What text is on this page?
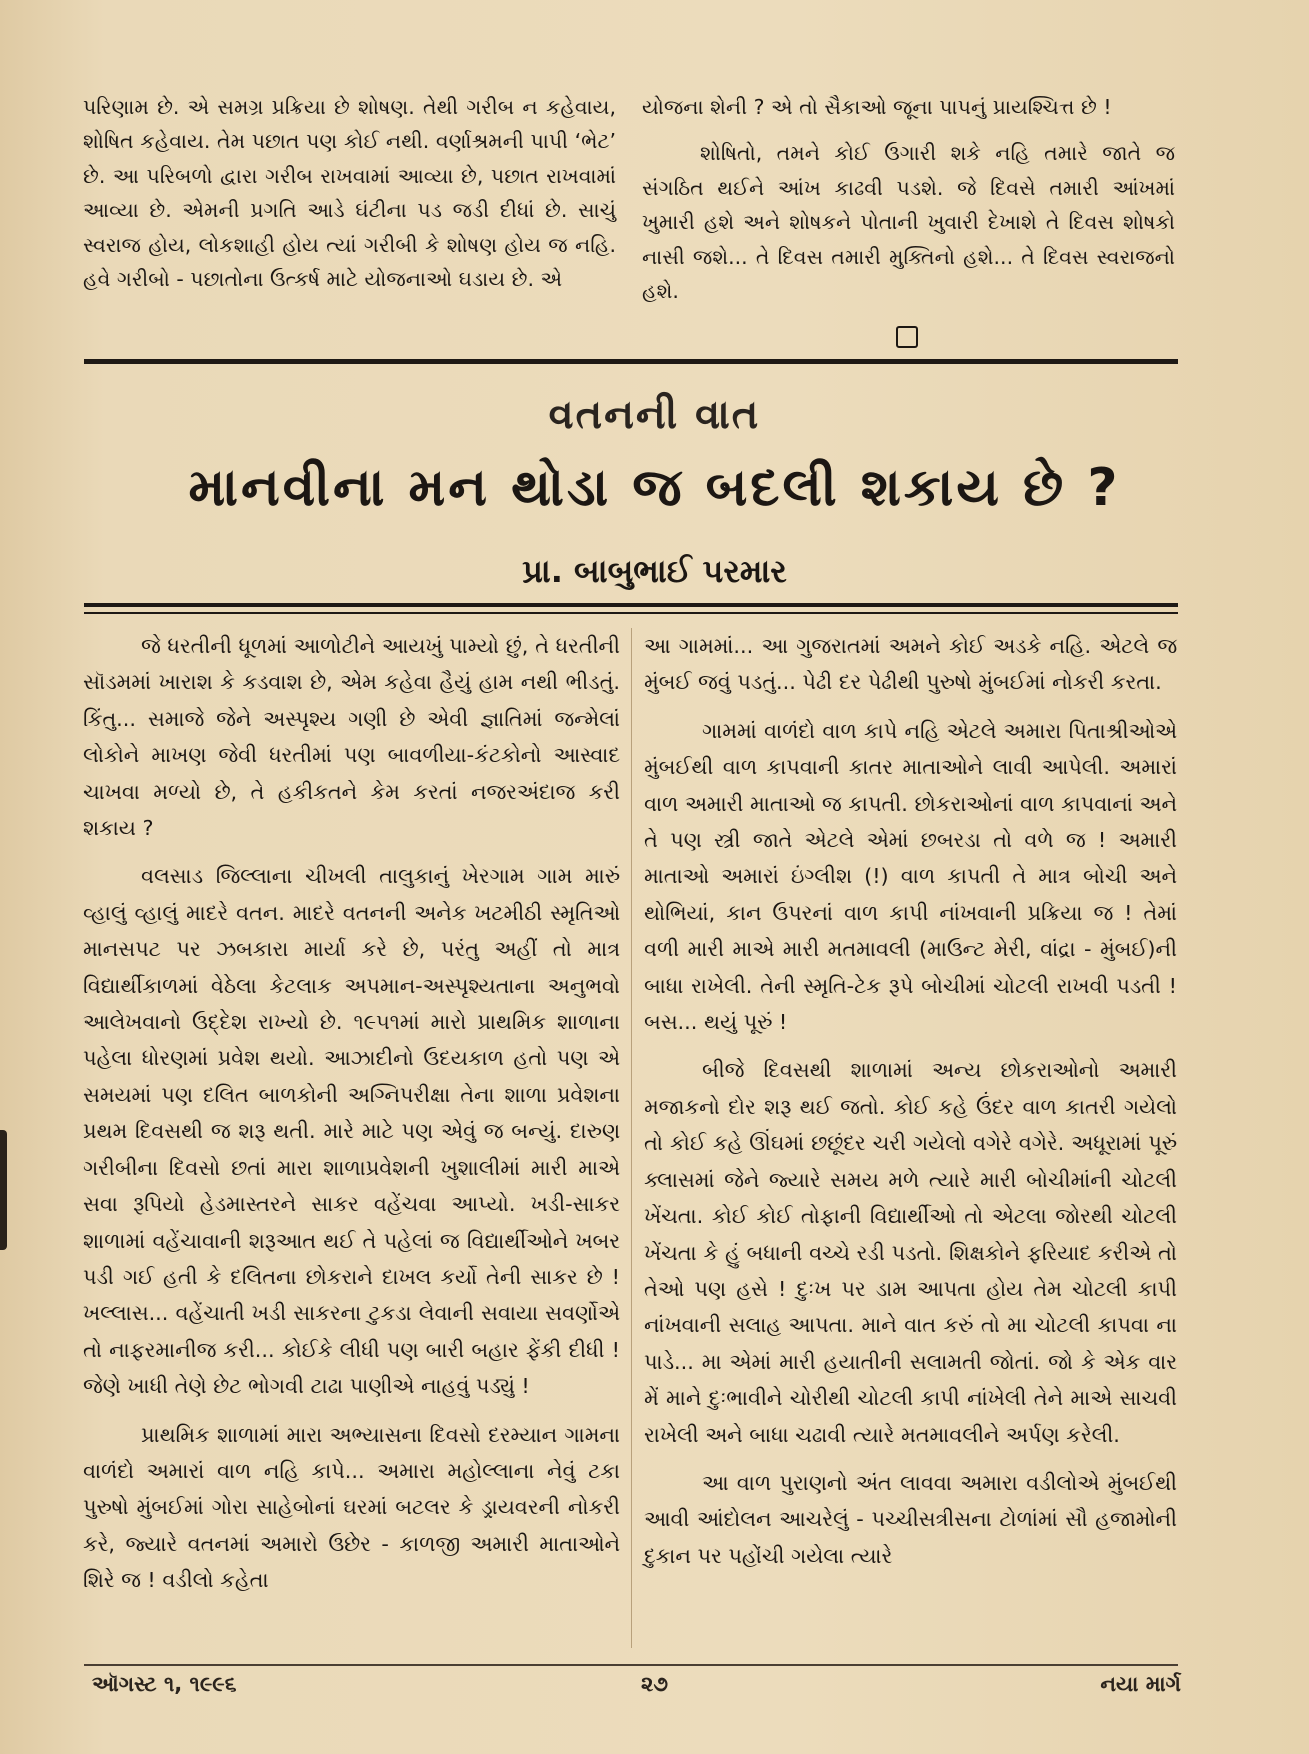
પરિણામ છે. એ સમગ્ર પ્રક્રિયા છે શોષણ. તેથી ગરીબ ન કહેવાય, શોષિત કહેવાય. તેમ પછાત પણ કોઈ નથી. વર્ણાશ્રમની પાપી ‘ભેટ’ છે. આ પરિબળો દ્વારા ગરીબ રાખવામાં આવ્યા છે, પછાત રાખવામાં આવ્યા છે. એમની પ્રગતિ આડે ઘંટીના પડ જડી દીધાં છે. સાચું સ્વરાજ હોય, લોકશાહી હોય ત્યાં ગરીબી કે શોષણ હોય જ નહિ. હવે ગરીબો - પછાતોના ઉત્કર્ષ માટે યોજનાઓ ઘડાય છે. એ

યોજના શેની ? એ તો સૈકાઓ જૂના પાપનું પ્રાયશ્ચિત્ત છે !

શોષિતો, તમને કોઈ ઉગારી શકે નહિ તમારે જાતે જ સંગઠિત થઈને આંખ કાઢવી પડશે. જે દિવસે તમારી આંખમાં ખુમારી હશે અને શોષકને પોતાની ખુવારી દેખાશે તે દિવસ શોષકો નાસી જશે... તે દિવસ તમારી મુક્તિનો હશે... તે દિવસ સ્વરાજનો હશે.

વતનની વાત
માનવીના મન થોડા જ બદલી શકાય છે ?
પ્રા. બાબુભાઈ પરમાર

જે ધરતીની ધૂળમાં આળોટીને આયખું પામ્યો છું, તે ધરતીની સૉડમમાં ખારાશ કે કડવાશ છે, એમ કહેવા હૈયું હામ નથી ભીડતું. કિંતુ... સમાજે જેને અસ્પૃશ્ય ગણી છે એવી જ્ઞાતિમાં જન્મેલાં લોકોને માખણ જેવી ધરતીમાં પણ બાવળીયા-કંટકોનો આસ્વાદ ચાખવા મળ્યો છે, તે હકીકતને કેમ કરતાં નજરઅંદાજ કરી શકાય ?

વલસાડ જિલ્લાના ચીખલી તાલુકાનું ખેરગામ ગામ મારું વ્હાલું વ્હાલું માદરે વતન. માદરે વતનની અનેક ખટમીઠી સ્મૃતિઓ માનસપટ પર ઝબકારા માર્યા કરે છે, પરંતુ અહીં તો માત્ર વિદ્યાર્થીકાળમાં વેઠેલા કેટલાક અપમાન-અસ્પૃશ્યતાના અનુભવો આલેખવાનો ઉદ્દેશ રાખ્યો છે. ૧૯૫૧માં મારો પ્રાથમિક શાળાના પહેલા ધોરણમાં પ્રવેશ થયો. આઝાદીનો ઉદયકાળ હતો પણ એ સમયમાં પણ દલિત બાળકોની અગ્નિપરીક્ષા તેના શાળા પ્રવેશના પ્રથમ દિવસથી જ શરૂ થતી. મારે માટે પણ એવું જ બન્યું. દારુણ ગરીબીના દિવસો છતાં મારા શાળાપ્રવેશની ખુશાલીમાં મારી માએ સવા રૂપિયો હેડમાસ્તરને સાકર વહેંચવા આપ્યો. ખડી-સાકર શાળામાં વહેંચાવાની શરૂઆત થઈ તે પહેલાં જ વિદ્યાર્થીઓને ખબર પડી ગઈ હતી કે દલિતના છોકરાને દાખલ કર્યો તેની સાકર છે ! ખલ્લાસ... વહેંચાતી ખડી સાકરના ટુકડા લેવાની સવાયા સવર્ણોએ તો નાફરમાનીજ કરી... કોઈકે લીધી પણ બારી બહાર ફેંકી દીધી ! જેણે ખાધી તેણે છેટ ભોગવી ટાઢા પાણીએ નાહવું પડ્યું !

પ્રાથમિક શાળામાં મારા અભ્યાસના દિવસો દરમ્યાન ગામના વાળંદો અમારાં વાળ નહિ કાપે... અમારા મહોલ્લાના નેવું ટકા પુરુષો મુંબઈમાં ગોરા સાહેબોનાં ઘરમાં બટલર કે ડ્રાયવરની નોકરી કરે, જ્યારે વતનમાં અમારો ઉછેર - કાળજી અમારી માતાઓને શિરે જ ! વડીલો કહેતા

આ ગામમાં... આ ગુજરાતમાં અમને કોઈ અડકે નહિ. એટલે જ મુંબઈ જવું પડતું... પેઢી દર પેઢીથી પુરુષો મુંબઈમાં નોકરી કરતા.

ગામમાં વાળંદો વાળ કાપે નહિ એટલે અમારા પિતાશ્રીઓએ મુંબઈથી વાળ કાપવાની કાતર માતાઓને લાવી આપેલી. અમારાં વાળ અમારી માતાઓ જ કાપતી. છોકરાઓનાં વાળ કાપવાનાં અને તે પણ સ્ત્રી જાતે એટલે એમાં છબરડા તો વળે જ ! અમારી માતાઓ અમારાં ઇંગ્લીશ (!) વાળ કાપતી તે માત્ર બોચી અને થોભિયાં, કાન ઉપરનાં વાળ કાપી નાંખવાની પ્રક્રિયા જ ! તેમાં વળી મારી માએ મારી મતમાવલી (માઉન્ટ મેરી, વાંદ્રા - મુંબઈ)ની બાધા રાખેલી. તેની સ્મૃતિ-ટેક રૂપે બોચીમાં ચોટલી રાખવી પડતી ! બસ... થયું પૂરું !

બીજે દિવસથી શાળામાં અન્ય છોકરાઓનો અમારી મજાકનો દોર શરૂ થઈ જતો. કોઈ કહે ઉંદર વાળ કાતરી ગયેલો તો કોઈ કહે ઊંઘમાં છછૂંદર ચરી ગયેલો વગેરે વગેરે. અધૂરામાં પૂરું ક્લાસમાં જેને જ્યારે સમય મળે ત્યારે મારી બોચીમાંની ચોટલી ખેંચતા. કોઈ કોઈ તોફાની વિદ્યાર્થીઓ તો એટલા જોરથી ચોટલી ખેંચતા કે હું બધાની વચ્ચે રડી પડતો. શિક્ષકોને ફરિયાદ કરીએ તો તેઓ પણ હસે ! દુઃખ પર ડામ આપતા હોય તેમ ચોટલી કાપી નાંખવાની સલાહ આપતા. માને વાત કરું તો મા ચોટલી કાપવા ના પાડે... મા એમાં મારી હયાતીની સલામતી જોતાં. જો કે એક વાર મેં માને દુઃભાવીને ચોરીથી ચોટલી કાપી નાંખેલી તેને માએ સાચવી રાખેલી અને બાધા ચઢાવી ત્યારે મતમાવલીને અર્પણ કરેલી.

આ વાળ પુરાણનો અંત લાવવા અમારા વડીલોએ મુંબઈથી આવી આંદોલન આચરેલું - પચ્ચીસત્રીસના ટોળાંમાં સૌ હજામોની દુકાન પર પહોંચી ગયેલા ત્યારે

ઑગસ્ટ ૧, ૧૯૯૬	૨૭	નયા માર્ગ
